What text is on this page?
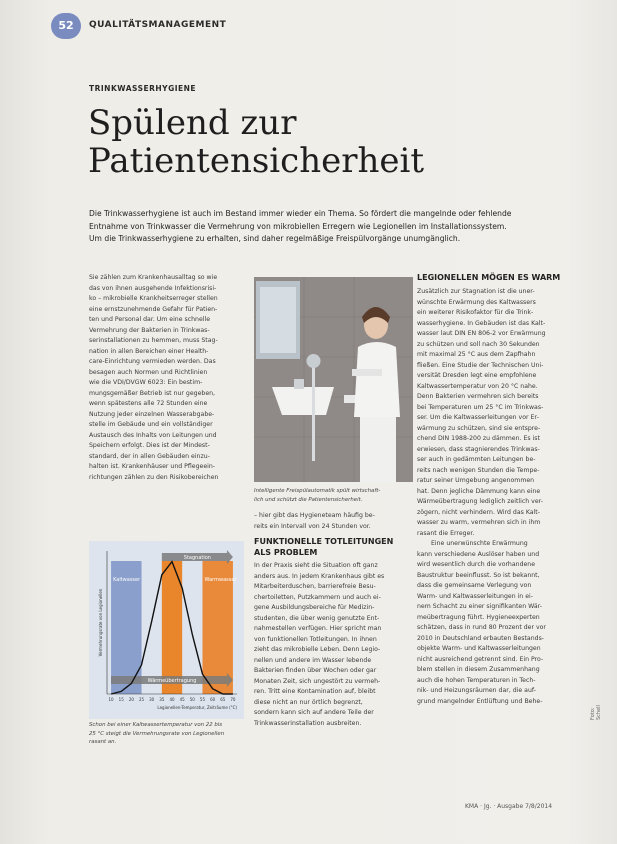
52	QUALITÄTSMANAGEMENT
TRINKWASSERHYGIENE
Spülend zur
Patientensicherheit
Die Trinkwasserhygiene ist auch im Bestand immer wieder ein Thema. So fördert die mangelnde oder fehlende
Entnahme von Trinkwasser die Vermehrung von mikrobiellen Erregern wie Legionellen im Installationssystem.
Um die Trinkwasserhygiene zu erhalten, sind daher regelmäßige Freispülvorgänge unumgänglich.
Sie zählen zum Krankenhausalltag so wie
das von ihnen ausgehende Infektionsrisi-
ko – mikrobielle Krankheitserreger stellen
eine ernstzunehmende Gefahr für Patien-
ten und Personal dar. Um eine schnelle
Vermehrung der Bakterien in Trinkwas-
serinstallationen zu hemmen, muss Stag-
nation in allen Bereichen einer Health-
care-Einrichtung vermieden werden. Das
besagen auch Normen und Richtlinien
wie die VDI/DVGW 6023: Ein bestim-
mungsgemäßer Betrieb ist nur gegeben,
wenn spätestens alle 72 Stunden eine
Nutzung jeder einzelnen Wasserabgabe-
stelle im Gebäude und ein vollständiger
Austausch des Inhalts von Leitungen und
Speichern erfolgt. Dies ist der Mindest-
standard, der in allen Gebäuden einzu-
halten ist. Krankenhäuser und Pflegeein-
richtungen zählen zu den Risikobereichen
Intelligente Freispülautomatik spült wirtschaft-
lich und schützt die Patientensicherheit.
– hier gibt das Hygieneteam häufig be-
reits ein Intervall von 24 Stunden vor.
FUNKTIONELLE TOTLEITUNGEN
ALS PROBLEM
In der Praxis sieht die Situation oft ganz
anders aus. In jedem Krankenhaus gibt es
Mitarbeiterduschen, barrierefreie Besu-
chertoiletten, Putzkammern und auch ei-
gene Ausbildungsbereiche für Medizin-
studenten, die über wenig genutzte Ent-
nahmestellen verfügen. Hier spricht man
von funktionellen Totleitungen. In ihnen
zieht das mikrobielle Leben. Denn Legio-
nellen und andere im Wasser lebende
Bakterien finden über Wochen oder gar
Monaten Zeit, sich ungestört zu vermeh-
ren. Tritt eine Kontamination auf, bleibt
diese nicht an nur örtlich begrenzt,
sondern kann sich auf andere Teile der
Trinkwasserinstallation ausbreiten.
LEGIONELLEN MÖGEN ES WARM
Zusätzlich zur Stagnation ist die uner-
wünschte Erwärmung des Kaltwassers
ein weiterer Risikofaktor für die Trink-
wasserhygiene. In Gebäuden ist das Kalt-
wasser laut DIN EN 806-2 vor Erwärmung
zu schützen und soll nach 30 Sekunden
mit maximal 25 °C aus dem Zapfhahn
fließen. Eine Studie der Technischen Uni-
versität Dresden legt eine empfohlene
Kaltwassertemperatur von 20 °C nahe.
Denn Bakterien vermehren sich bereits
bei Temperaturen um 25 °C im Trinkwas-
ser. Um die Kaltwasserleitungen vor Er-
wärmung zu schützen, sind sie entspre-
chend DIN 1988-200 zu dämmen. Es ist
erwiesen, dass stagnierendes Trinkwas-
ser auch in gedämmten Leitungen be-
reits nach wenigen Stunden die Tempe-
ratur seiner Umgebung angenommen
hat. Denn jegliche Dämmung kann eine
Wärmeübertragung lediglich zeitlich ver-
zögern, nicht verhindern. Wird das Kalt-
wasser zu warm, vermehren sich in ihm
rasant die Erreger.
Eine unerwünschte Erwärmung
kann verschiedene Auslöser haben und
wird wesentlich durch die vorhandene
Baustruktur beeinflusst. So ist bekannt,
dass die gemeinsame Verlegung von
Warm- und Kaltwasserleitungen in ei-
nem Schacht zu einer signifikanten Wär-
meübertragung führt. Hygieneexperten
schätzen, dass in rund 80 Prozent der vor
2010 in Deutschland erbauten Bestands-
objekte Warm- und Kaltwasserleitungen
nicht ausreichend getrennt sind. Ein Pro-
blem stellen in diesem Zusammenhang
auch die hohen Temperaturen in Tech-
nik- und Heizungsräumen dar, die auf-
grund mangelnder Entlüftung und Behe-
Kaltwasser	Warmwasser
Stagnation
Wärmeübertragung
10 15 20 25 30 35 40 45 50 55 60 65 70
Legionellen-Temperatur, Zeiträume (°C)
Vermehrungsrate von Legionellen
Schon bei einer Kaltwassertemperatur von 22 bis
25 °C steigt die Vermehrungsrate von Legionellen
rasant an.
KMA · Jg. · Ausgabe 7/8/2014
Foto: Schell
